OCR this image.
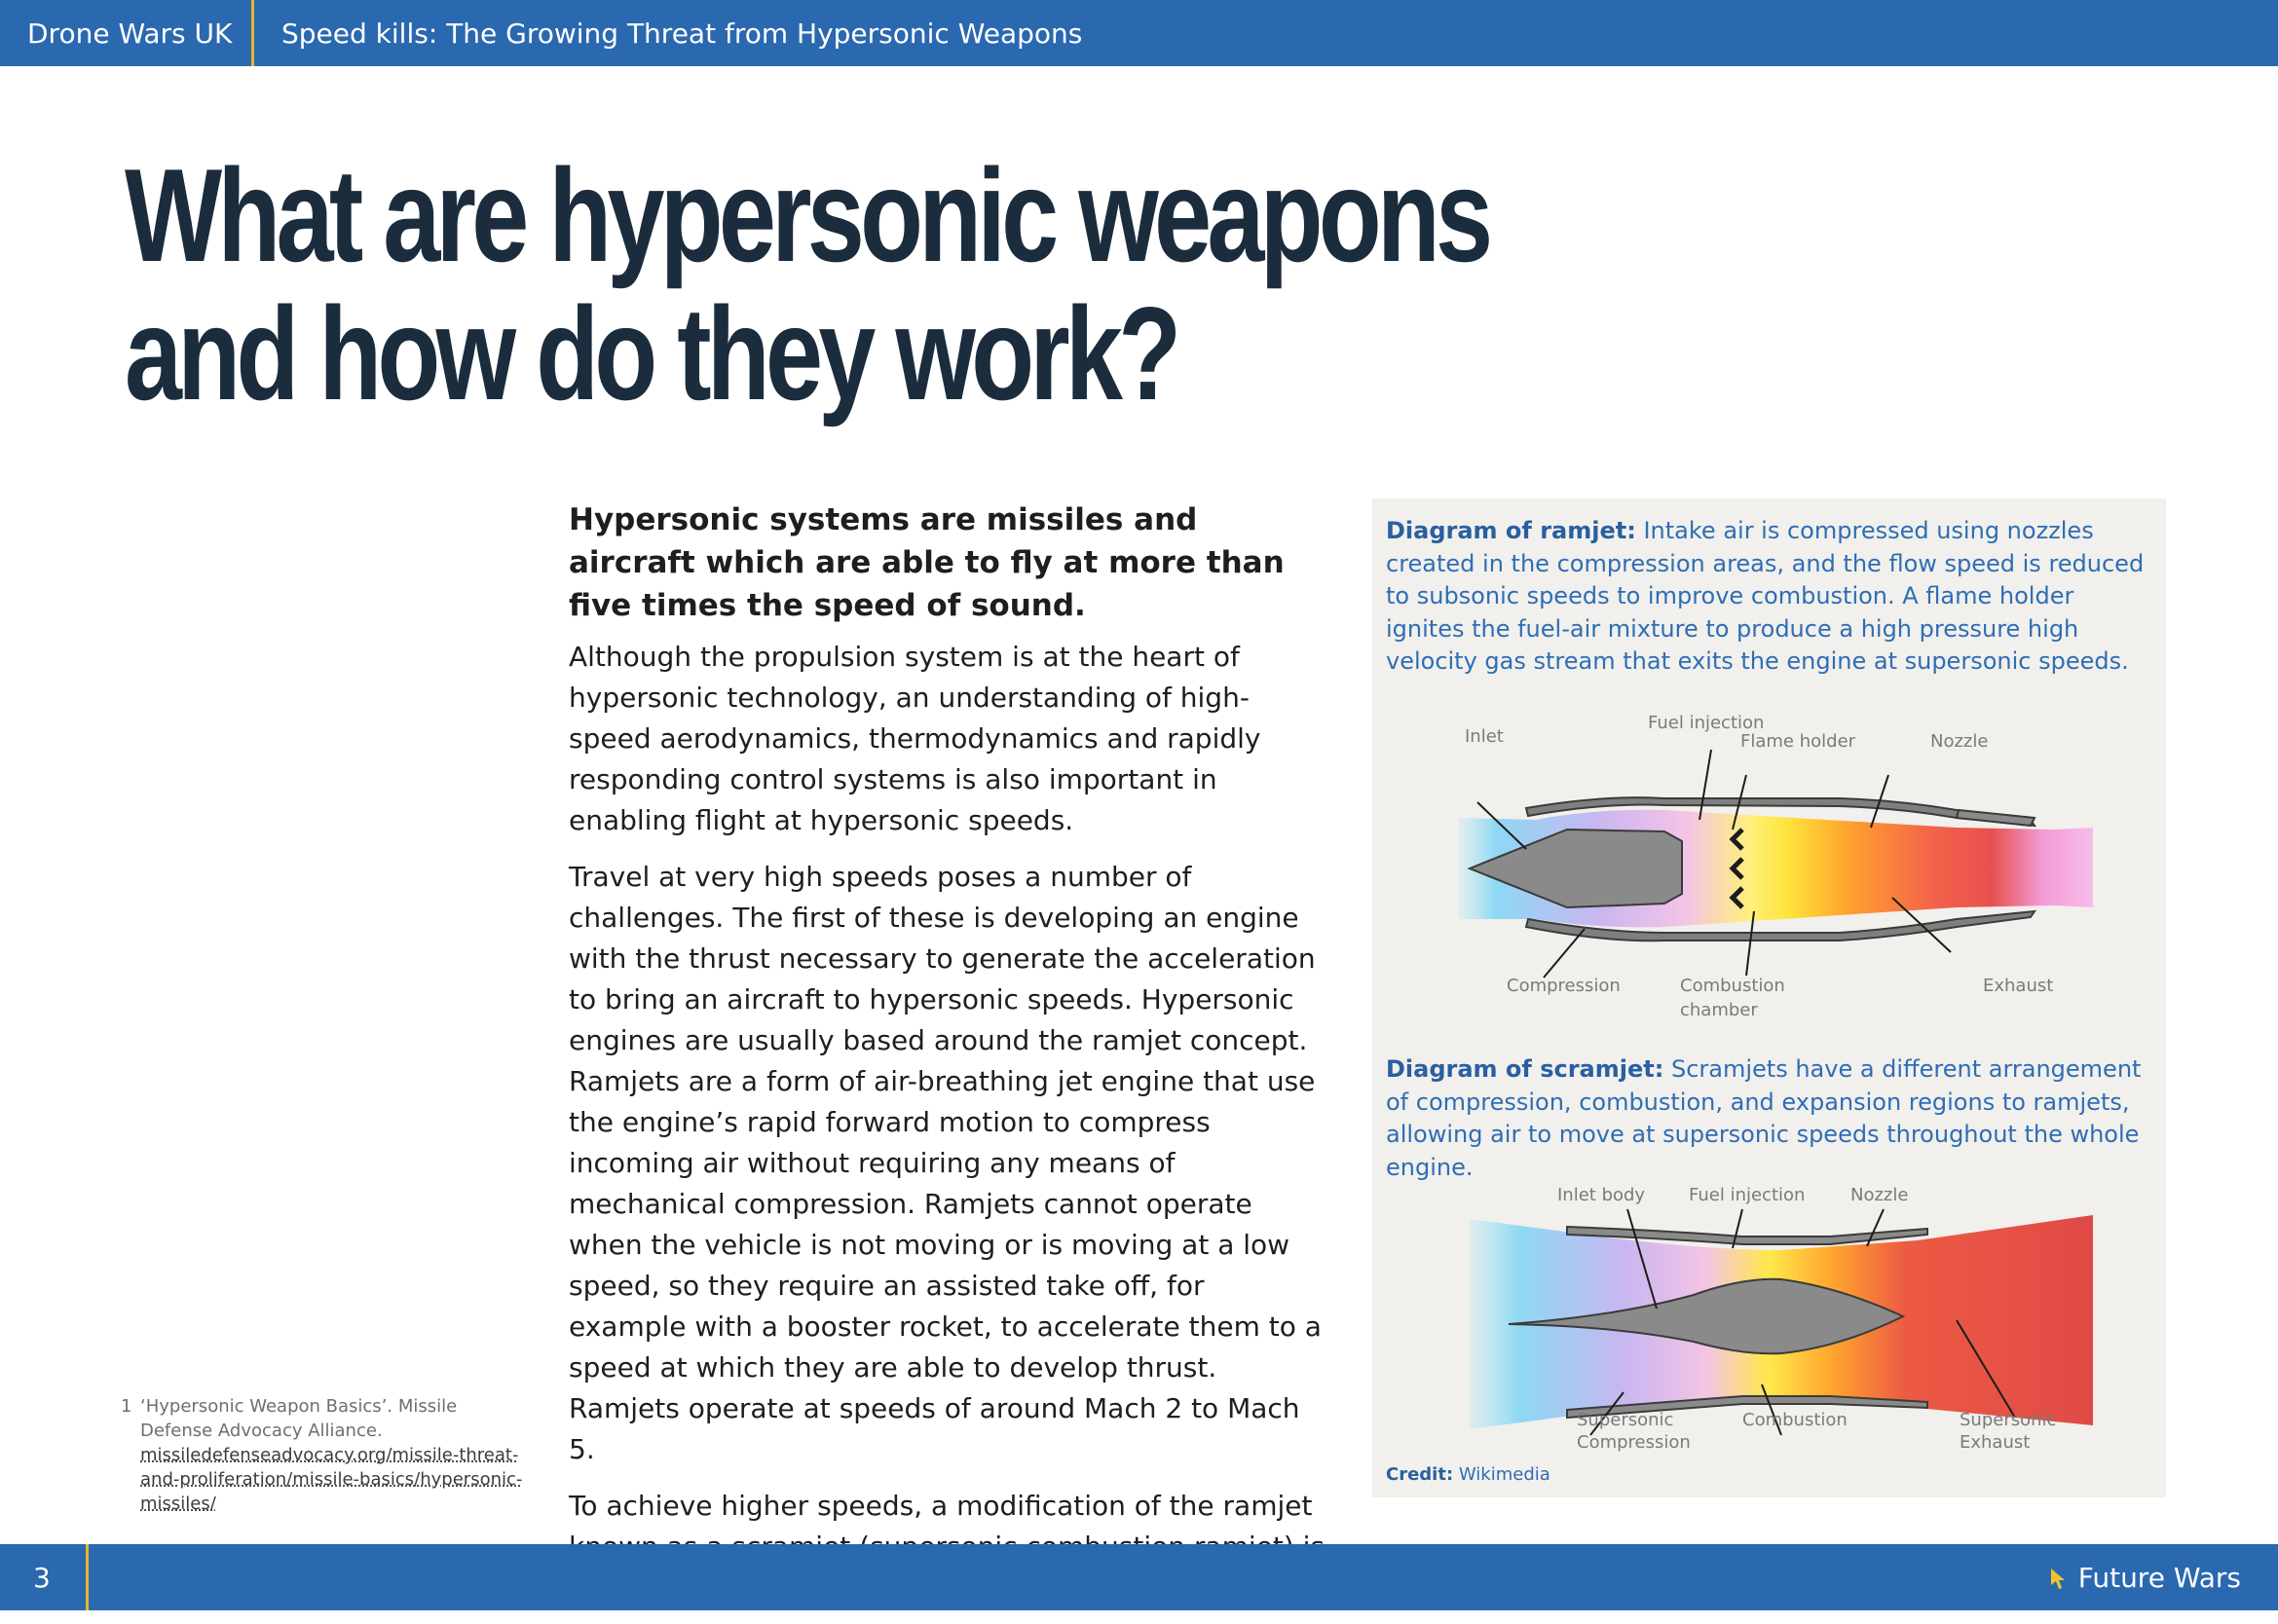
Drone Wars UK	Speed kills: The Growing Threat from Hypersonic Weapons
What are hypersonic weapons
and how do they work?

Hypersonic systems are missiles and aircraft which are able to fly at more than five times the speed of sound.

Although the propulsion system is at the heart of hypersonic technology, an understanding of high-speed aerodynamics, thermodynamics and rapidly responding control systems is also important in enabling flight at hypersonic speeds.

Travel at very high speeds poses a number of challenges. The first of these is developing an engine with the thrust necessary to generate the acceleration to bring an aircraft to hypersonic speeds. Hypersonic engines are usually based around the ramjet concept. Ramjets are a form of air-breathing jet engine that use the engine’s rapid forward motion to compress incoming air without requiring any means of mechanical compression. Ramjets cannot operate when the vehicle is not moving or is moving at a low speed, so they require an assisted take off, for example with a booster rocket, to accelerate them to a speed at which they are able to develop thrust. Ramjets operate at speeds of around Mach 2 to Mach 5.

To achieve higher speeds, a modification of the ramjet

1 ‘Hypersonic Weapon Basics’. Missile Defense Advocacy Alliance. missiledefenseadvocacy.org/missile-threat-and-proliferation/missile-basics/hypersonic-missiles/
Diagram of ramjet: Intake air is compressed using nozzles created in the compression areas, and the flow speed is reduced to subsonic speeds to improve combustion. A flame holder ignites the fuel-air mixture to produce a high pressure high velocity gas stream that exits the engine at supersonic speeds.
Inlet
Fuel injection
Flame holder	Nozzle
Compression	Combustion
chamber
Exhaust
Diagram of scramjet: Scramjets have a different arrangement of compression, combustion, and expansion regions to ramjets, allowing air to move at supersonic speeds throughout the whole engine.
Inlet body Fuel injection	Nozzle
Supersonic
Compression
Combustion	Supersonic
Exhaust
Credit: Wikimedia
3	Future Wars
